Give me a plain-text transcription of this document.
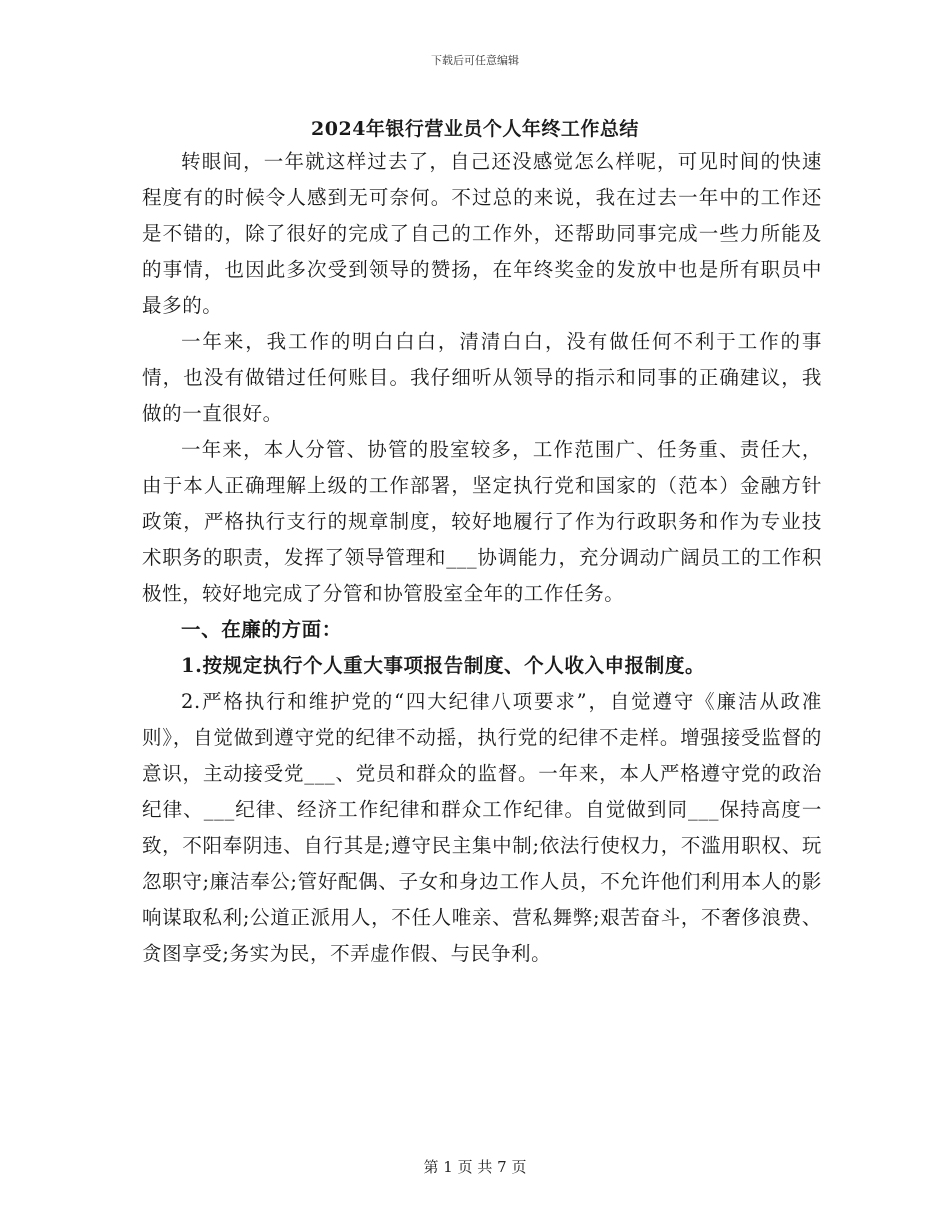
下载后可任意编辑
2024年银行营业员个人年终工作总结

转眼间，一年就这样过去了，自己还没感觉怎么样呢，可见时间的快速程度有的时候令人感到无可奈何。不过总的来说，我在过去一年中的工作还是不错的，除了很好的完成了自己的工作外，还帮助同事完成一些力所能及的事情，也因此多次受到领导的赞扬，在年终奖金的发放中也是所有职员中最多的。

一年来，我工作的明白白白，清清白白，没有做任何不利于工作的事情，也没有做错过任何账目。我仔细听从领导的指示和同事的正确建议，我做的一直很好。

一年来，本人分管、协管的股室较多，工作范围广、任务重、责任大，由于本人正确理解上级的工作部署，坚定执行党和国家的（范本）金融方针政策，严格执行支行的规章制度，较好地履行了作为行政职务和作为专业技术职务的职责，发挥了领导管理和___协调能力，充分调动广阔员工的工作积极性，较好地完成了分管和协管股室全年的工作任务。

一、在廉的方面：

1.按规定执行个人重大事项报告制度、个人收入申报制度。

2.严格执行和维护党的“四大纪律八项要求”，自觉遵守《廉洁从政准则》，自觉做到遵守党的纪律不动摇，执行党的纪律不走样。增强接受监督的意识，主动接受党___、党员和群众的监督。一年来，本人严格遵守党的政治纪律、___纪律、经济工作纪律和群众工作纪律。自觉做到同___保持高度一致，不阳奉阴违、自行其是;遵守民主集中制;依法行使权力，不滥用职权、玩忽职守;廉洁奉公;管好配偶、子女和身边工作人员，不允许他们利用本人的影响谋取私利;公道正派用人，不任人唯亲、营私舞弊;艰苦奋斗，不奢侈浪费、贪图享受;务实为民，不弄虚作假、与民争利。

第 1 页 共 7 页
